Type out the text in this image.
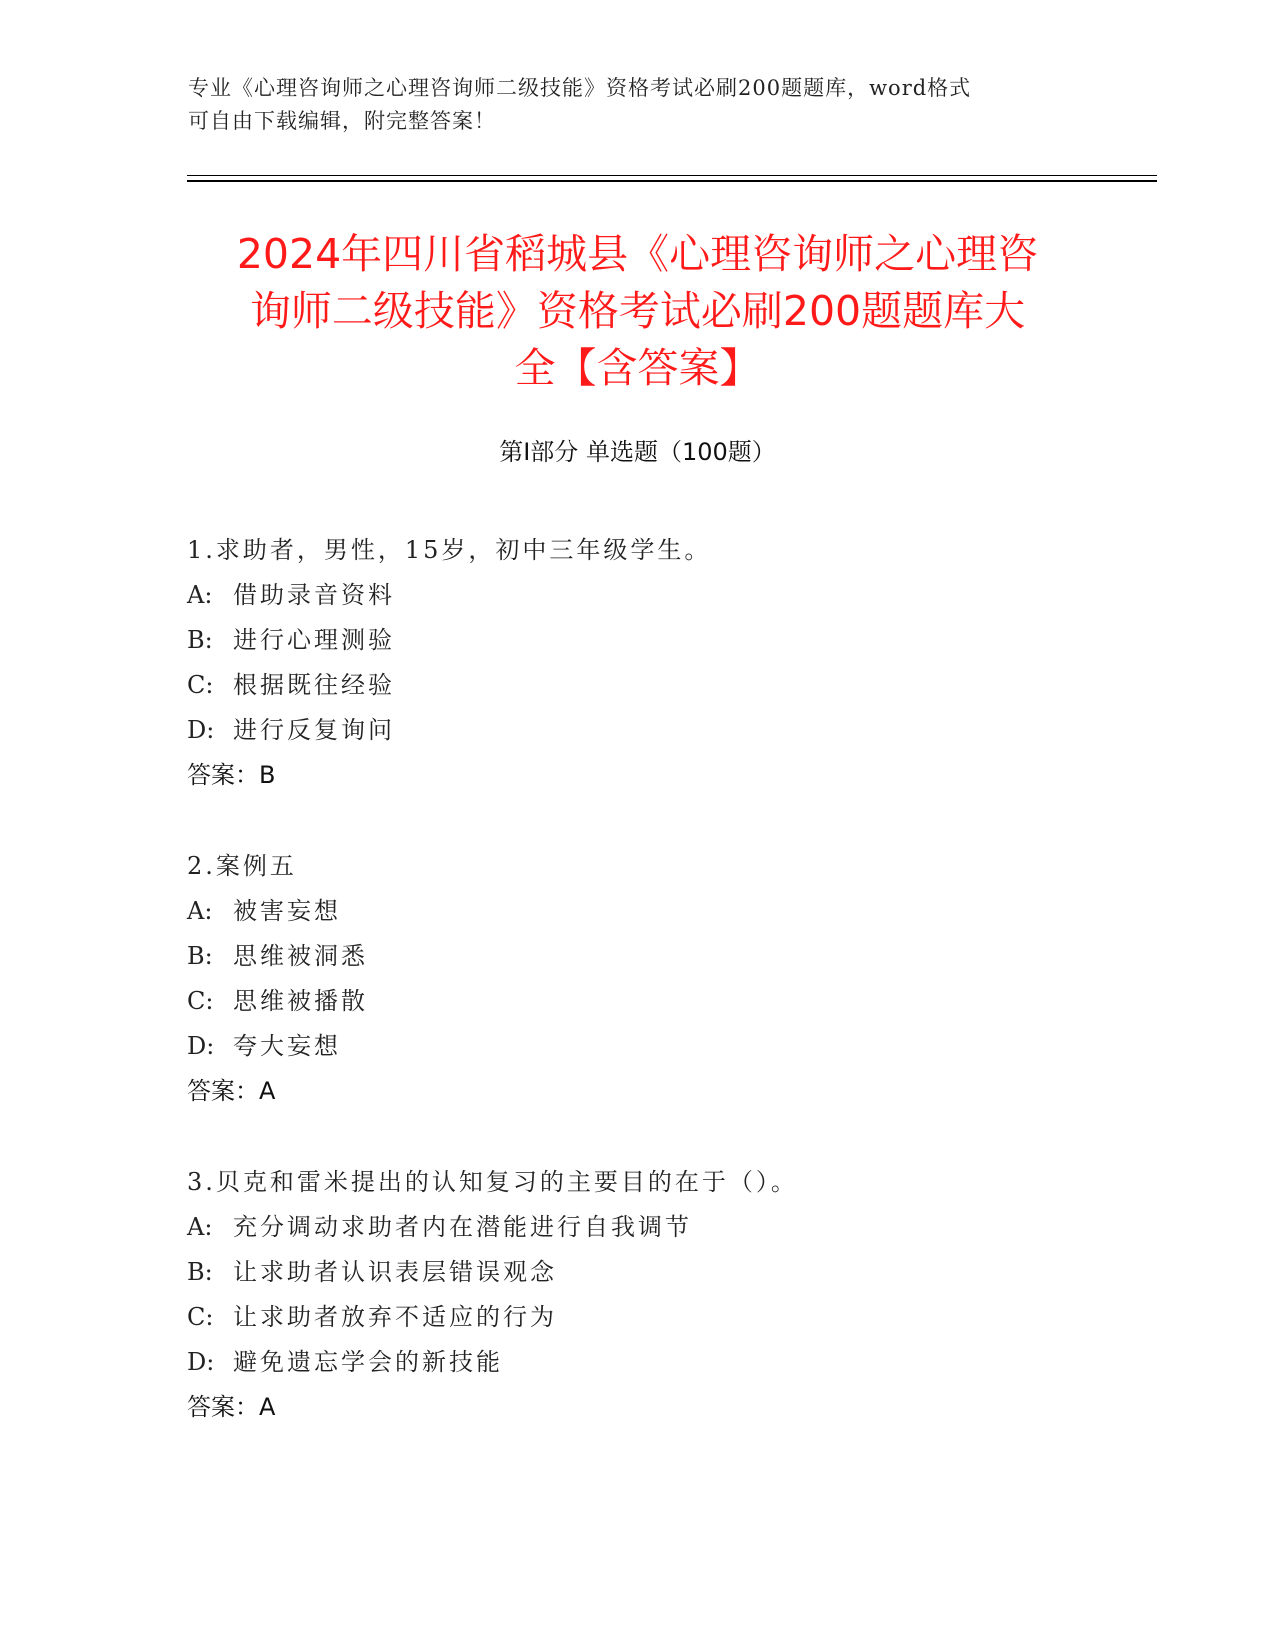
专业《心理咨询师之心理咨询师二级技能》资格考试必刷200题题库，word格式
可自由下载编辑，附完整答案！
2024年四川省稻城县《心理咨询师之心理咨
询师二级技能》资格考试必刷200题题库大
全【含答案】
第Ⅰ部分 单选题（100题）
1.求助者，男性，15岁，初中三年级学生。
A: 借助录音资料
B: 进行心理测验
C: 根据既往经验
D: 进行反复询问
答案：B
2.案例五
A: 被害妄想
B: 思维被洞悉
C: 思维被播散
D: 夸大妄想
答案：A
3.贝克和雷米提出的认知复习的主要目的在于（）。
A: 充分调动求助者内在潜能进行自我调节
B: 让求助者认识表层错误观念
C: 让求助者放弃不适应的行为
D: 避免遗忘学会的新技能
答案：A
